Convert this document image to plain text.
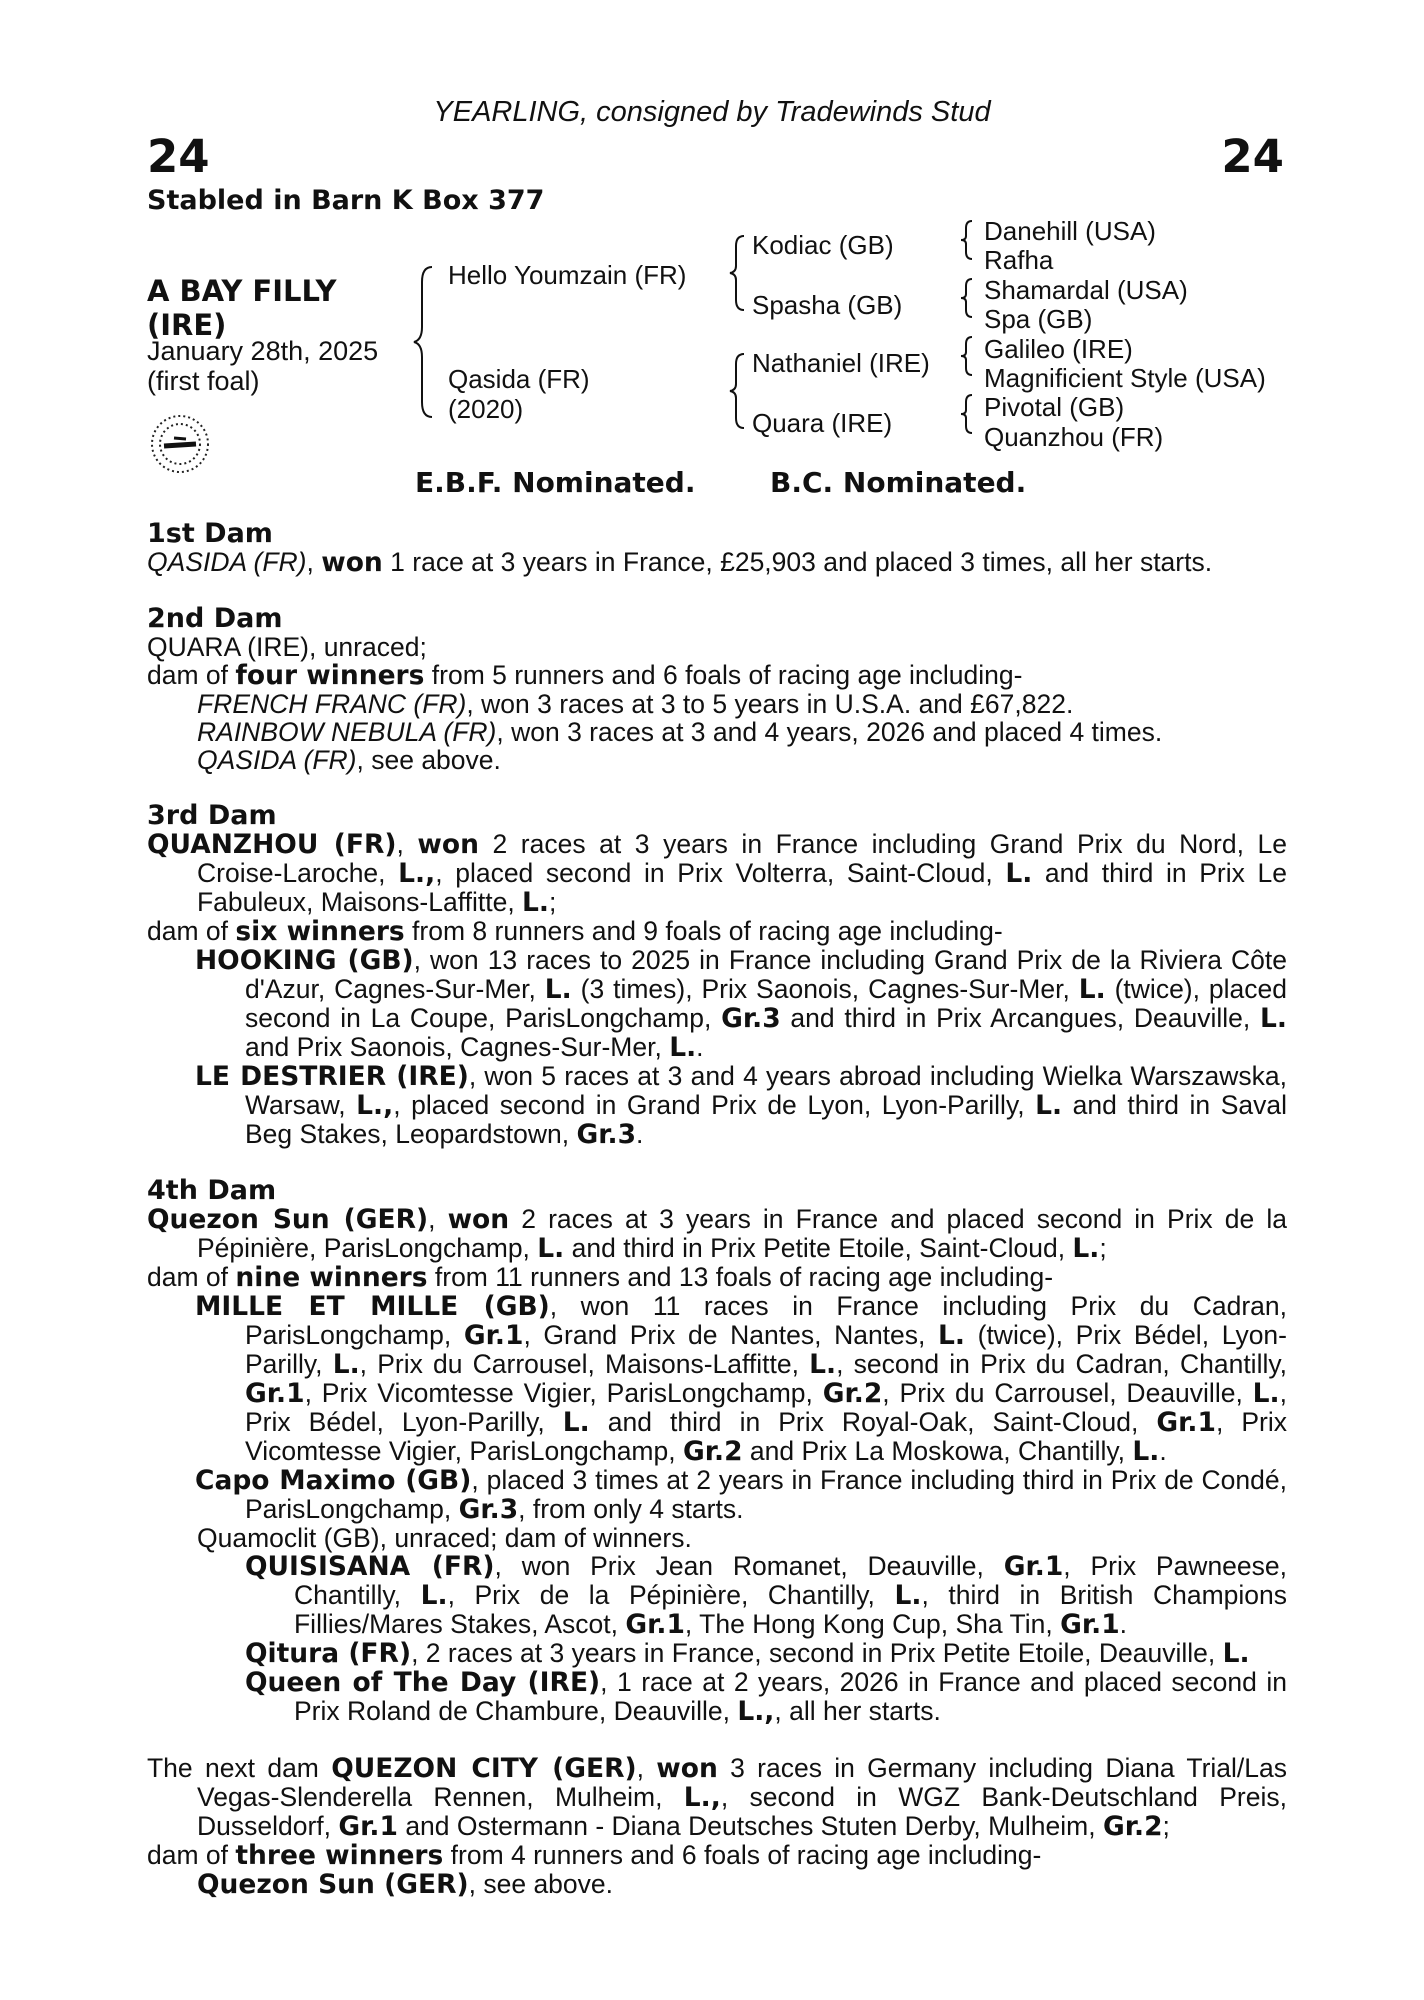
YEARLING, consigned by Tradewinds Stud
24	24
Stabled in Barn K Box 377
A BAY FILLY
(IRE)
January 28th, 2025
(first foal)
Hello Youmzain (FR)
Qasida (FR)
(2020)
Kodiac (GB)
Spasha (GB)
Nathaniel (IRE)
Quara (IRE)
Danehill (USA)
Rafha
Shamardal (USA)
Spa (GB)
Galileo (IRE)
Magnificient Style (USA)
Pivotal (GB)
Quanzhou (FR)
E.B.F. Nominated.	B.C. Nominated.
1st Dam

QASIDA (FR), won 1 race at 3 years in France, £25,903 and placed 3 times, all her starts.

2nd Dam

QUARA (IRE), unraced;

dam of four winners from 5 runners and 6 foals of racing age including-

FRENCH FRANC (FR), won 3 races at 3 to 5 years in U.S.A. and £67,822.

RAINBOW NEBULA (FR), won 3 races at 3 and 4 years, 2026 and placed 4 times.

QASIDA (FR), see above.

3rd Dam

QUANZHOU (FR), won 2 races at 3 years in France including Grand Prix du Nord, Le Croise-Laroche, L.,, placed second in Prix Volterra, Saint-Cloud, L. and third in Prix Le Fabuleux, Maisons-Laffitte, L.;

dam of six winners from 8 runners and 9 foals of racing age including-

HOOKING (GB), won 13 races to 2025 in France including Grand Prix de la Riviera Côte d'Azur, Cagnes-Sur-Mer, L. (3 times), Prix Saonois, Cagnes-Sur-Mer, L. (twice), placed second in La Coupe, ParisLongchamp, Gr.3 and third in Prix Arcangues, Deauville, L. and Prix Saonois, Cagnes-Sur-Mer, L..

LE DESTRIER (IRE), won 5 races at 3 and 4 years abroad including Wielka Warszawska, Warsaw, L.,, placed second in Grand Prix de Lyon, Lyon-Parilly, L. and third in Saval Beg Stakes, Leopardstown, Gr.3.

4th Dam

Quezon Sun (GER), won 2 races at 3 years in France and placed second in Prix de la Pépinière, ParisLongchamp, L. and third in Prix Petite Etoile, Saint-Cloud, L.;

dam of nine winners from 11 runners and 13 foals of racing age including-

MILLE ET MILLE (GB), won 11 races in France including Prix du Cadran, ParisLongchamp, Gr.1, Grand Prix de Nantes, Nantes, L. (twice), Prix Bédel, Lyon-Parilly, L., Prix du Carrousel, Maisons-Laffitte, L., second in Prix du Cadran, Chantilly, Gr.1, Prix Vicomtesse Vigier, ParisLongchamp, Gr.2, Prix du Carrousel, Deauville, L., Prix Bédel, Lyon-Parilly, L. and third in Prix Royal-Oak, Saint-Cloud, Gr.1, Prix Vicomtesse Vigier, ParisLongchamp, Gr.2 and Prix La Moskowa, Chantilly, L..

Capo Maximo (GB), placed 3 times at 2 years in France including third in Prix de Condé, ParisLongchamp, Gr.3, from only 4 starts.

Quamoclit (GB), unraced; dam of winners.

QUISISANA (FR), won Prix Jean Romanet, Deauville, Gr.1, Prix Pawneese, Chantilly, L., Prix de la Pépinière, Chantilly, L., third in British Champions Fillies/Mares Stakes, Ascot, Gr.1, The Hong Kong Cup, Sha Tin, Gr.1.

Qitura (FR), 2 races at 3 years in France, second in Prix Petite Etoile, Deauville, L.

Queen of The Day (IRE), 1 race at 2 years, 2026 in France and placed second in Prix Roland de Chambure, Deauville, L.,, all her starts.

The next dam QUEZON CITY (GER), won 3 races in Germany including Diana Trial/Las Vegas-Slenderella Rennen, Mulheim, L.,, second in WGZ Bank-Deutschland Preis, Dusseldorf, Gr.1 and Ostermann - Diana Deutsches Stuten Derby, Mulheim, Gr.2;

dam of three winners from 4 runners and 6 foals of racing age including-

Quezon Sun (GER), see above.
